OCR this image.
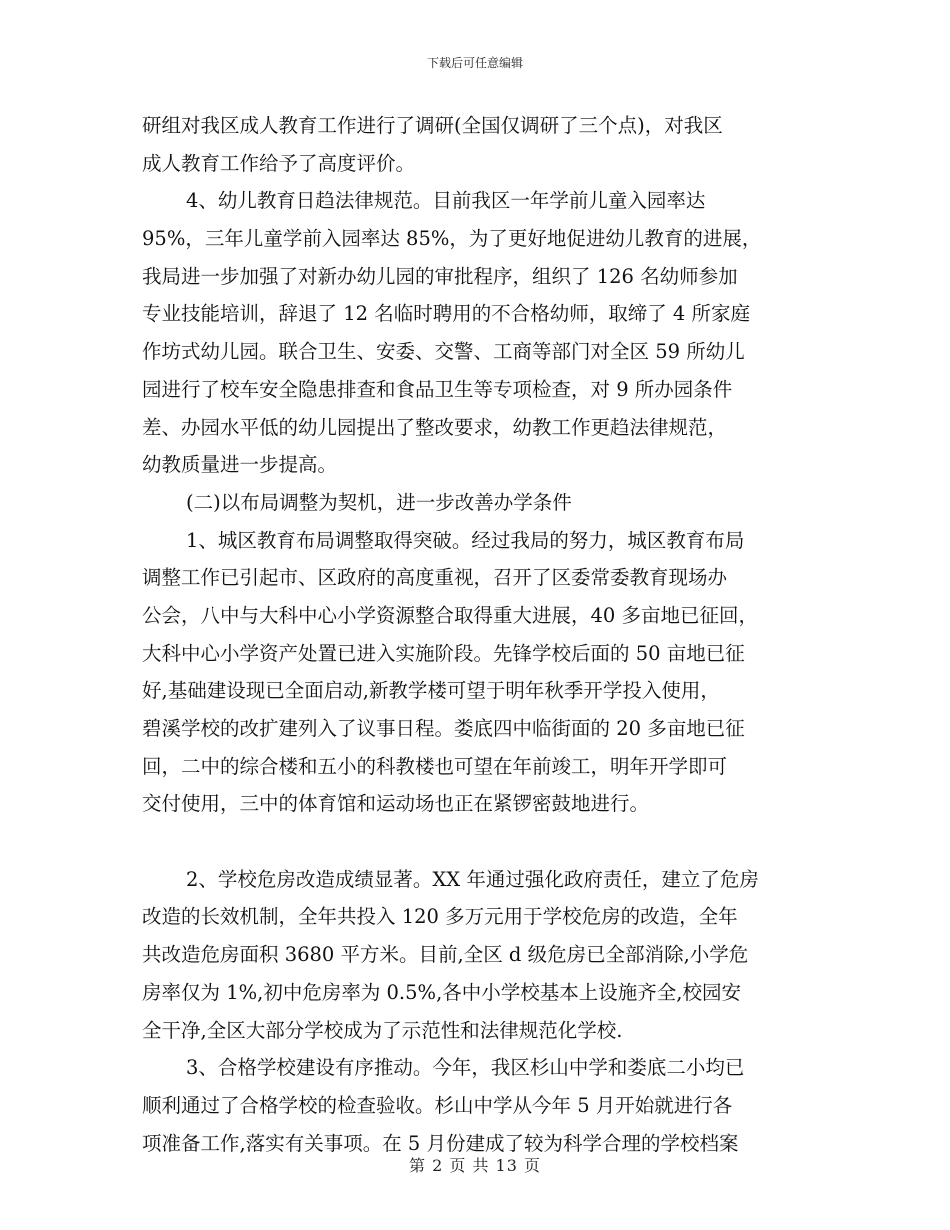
下载后可任意编辑
研组对我区成人教育工作进行了调研(全国仅调研了三个点)，对我区
成人教育工作给予了高度评价。
4、幼儿教育日趋法律规范。目前我区一年学前儿童入园率达
95%，三年儿童学前入园率达 85%，为了更好地促进幼儿教育的进展，
我局进一步加强了对新办幼儿园的审批程序，组织了 126 名幼师参加
专业技能培训，辞退了 12 名临时聘用的不合格幼师，取缔了 4 所家庭
作坊式幼儿园。联合卫生、安委、交警、工商等部门对全区 59 所幼儿
园进行了校车安全隐患排查和食品卫生等专项检查，对 9 所办园条件
差、办园水平低的幼儿园提出了整改要求，幼教工作更趋法律规范，
幼教质量进一步提高。
(二)以布局调整为契机，进一步改善办学条件
1、城区教育布局调整取得突破。经过我局的努力，城区教育布局
调整工作已引起市、区政府的高度重视，召开了区委常委教育现场办
公会，八中与大科中心小学资源整合取得重大进展，40 多亩地已征回，
大科中心小学资产处置已进入实施阶段。先锋学校后面的 50 亩地已征
好,基础建设现已全面启动,新教学楼可望于明年秋季开学投入使用，
碧溪学校的改扩建列入了议事日程。娄底四中临街面的 20 多亩地已征
回，二中的综合楼和五小的科教楼也可望在年前竣工，明年开学即可
交付使用，三中的体育馆和运动场也正在紧锣密鼓地进行。
2、学校危房改造成绩显著。XX 年通过强化政府责任，建立了危房
改造的长效机制，全年共投入 120 多万元用于学校危房的改造，全年
共改造危房面积 3680 平方米。目前,全区 d 级危房已全部消除,小学危
房率仅为 1%,初中危房率为 0.5%,各中小学校基本上设施齐全,校园安
全干净,全区大部分学校成为了示范性和法律规范化学校.
3、合格学校建设有序推动。今年，我区杉山中学和娄底二小均已
顺利通过了合格学校的检查验收。杉山中学从今年 5 月开始就进行各
项准备工作,落实有关事项。在 5 月份建成了较为科学合理的学校档案
第 2 页 共 13 页
